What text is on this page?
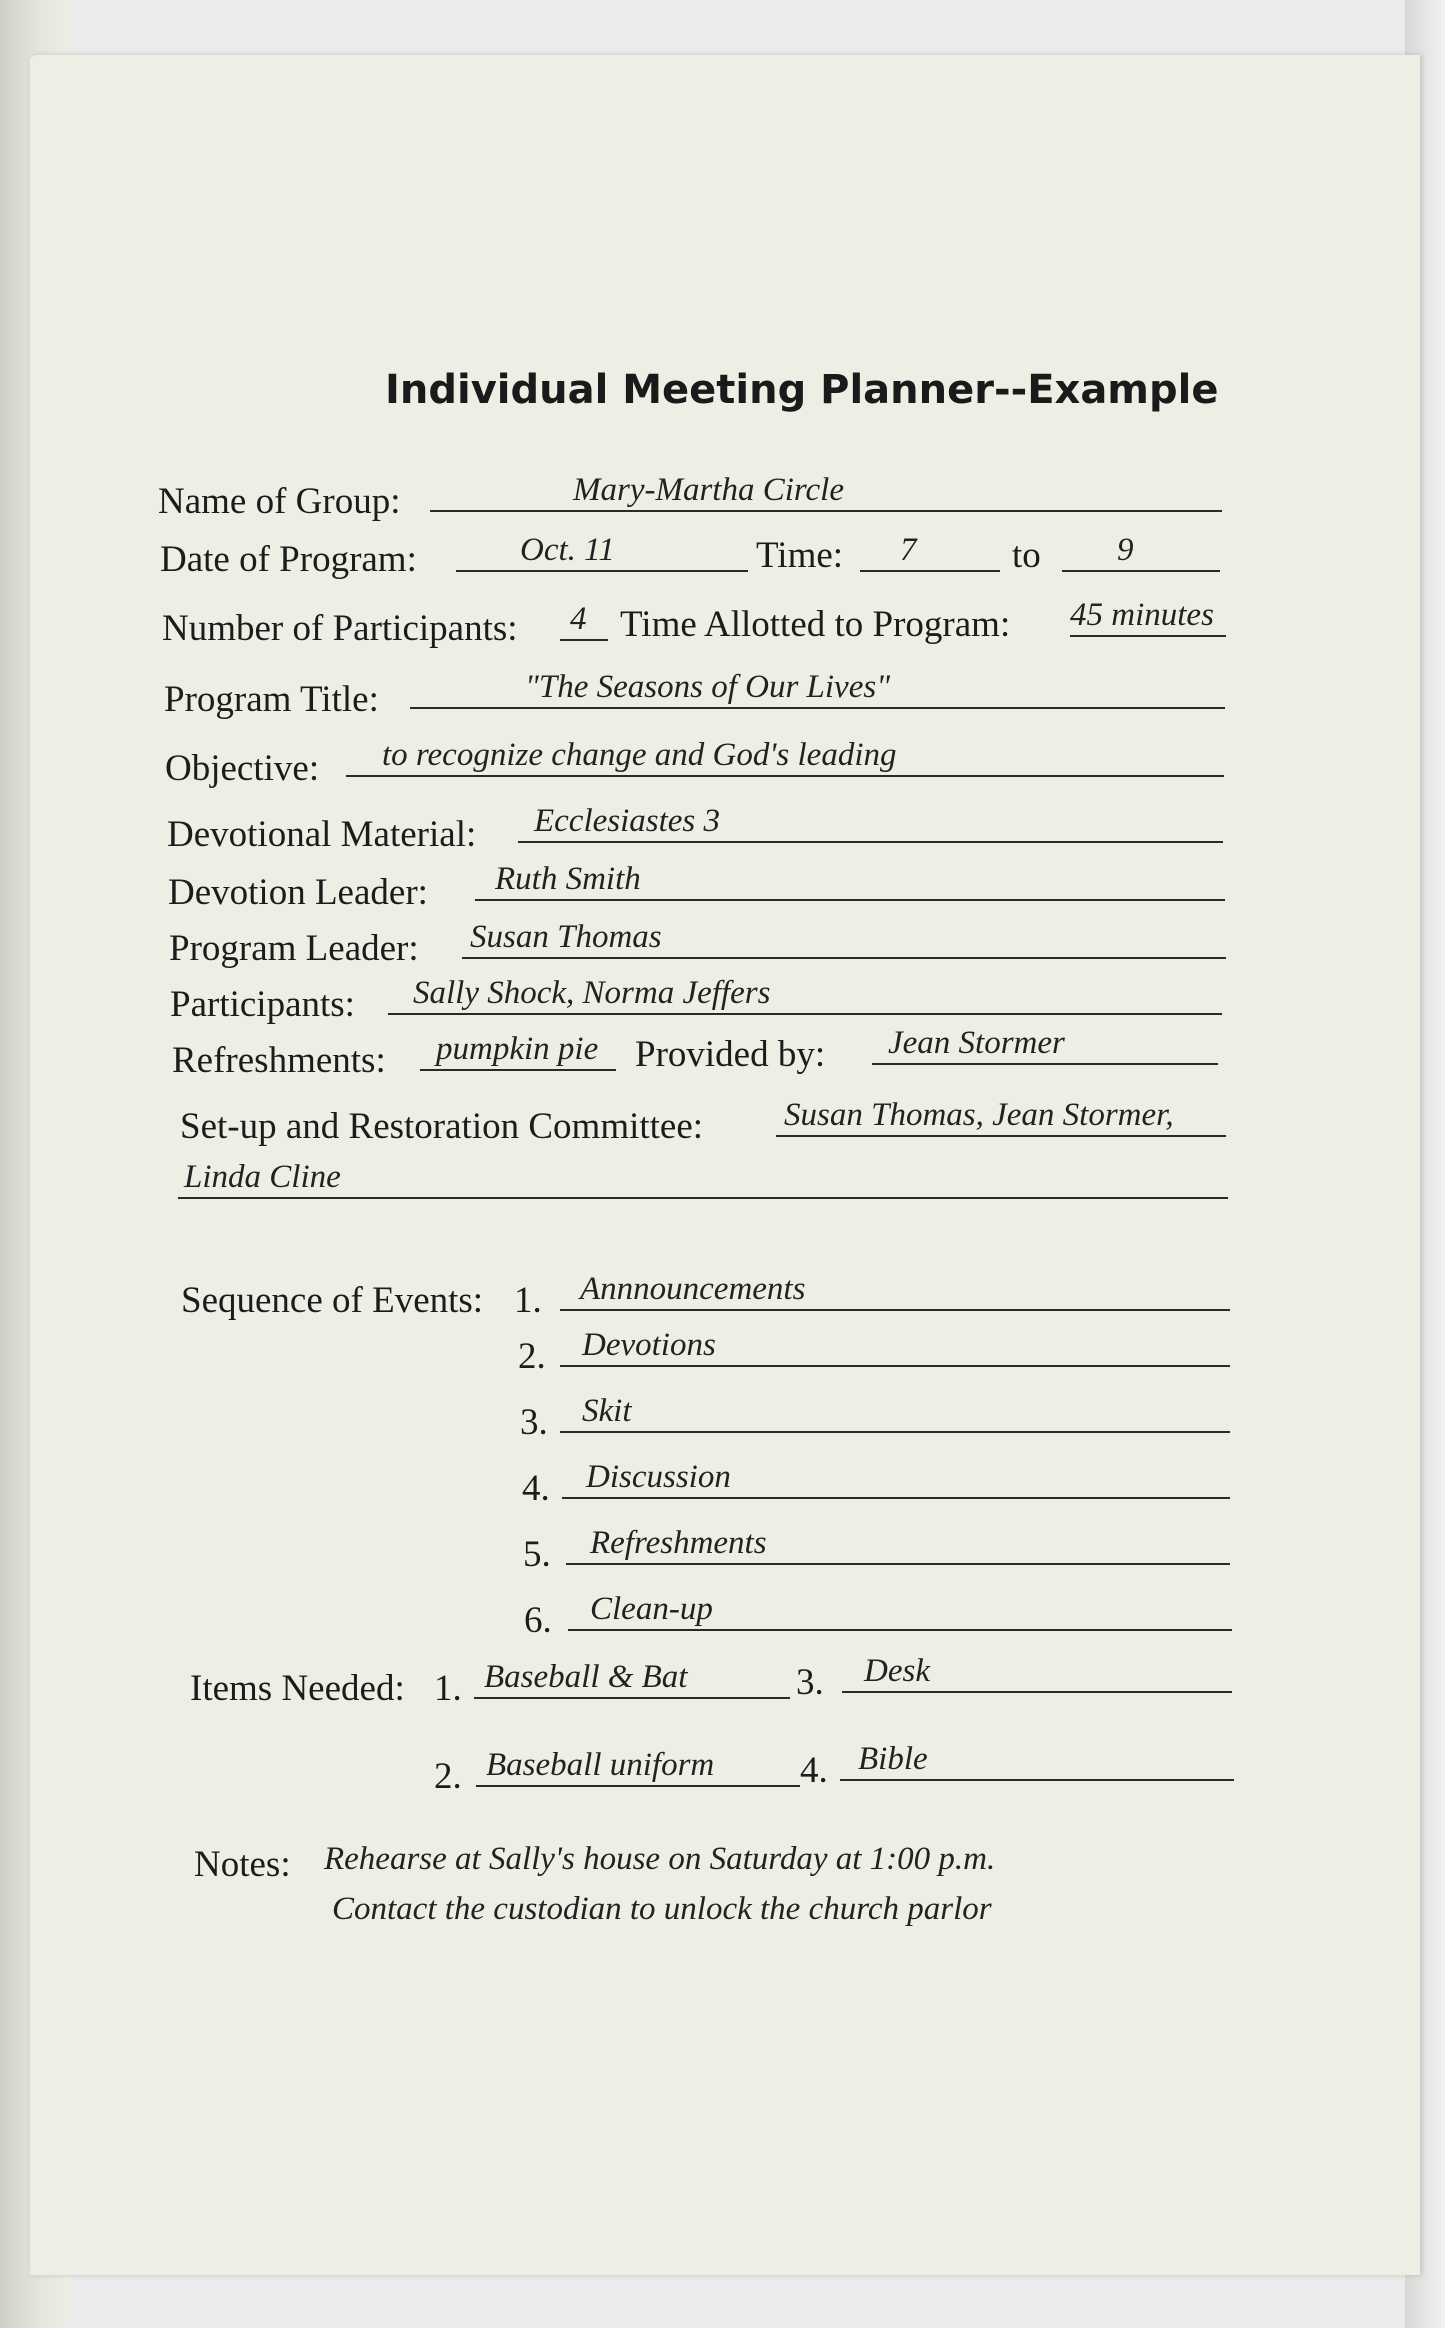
Individual Meeting Planner--Example
Name of Group:	Mary-Martha Circle
Date of Program:	Oct. 11	Time:	7	to	9
Number of Participants:	4 Time Allotted to Program: 45 minutes
Program Title:	"The Seasons of Our Lives"
Objective:	to recognize change and God's leading
Devotional Material:	Ecclesiastes 3
Devotion Leader:	Ruth Smith
Program Leader: Susan Thomas
Participants:	Sally Shock, Norma Jeffers
Refreshments:	pumpkin pie Provided by:	Jean Stormer
Set-up and Restoration Committee: Susan Thomas, Jean Stormer,
Linda Cline
Sequence of Events: 1.	Annnouncements
2.	Devotions
3.	Skit
4.	Discussion
5.	Refreshments
6.	Clean-up
Items Needed: 1. Baseball & Bat	3.	Desk
2. Baseball uniform	4. Bible
Notes: Rehearse at Sally's house on Saturday at 1:00 p.m.
Contact the custodian to unlock the church parlor
